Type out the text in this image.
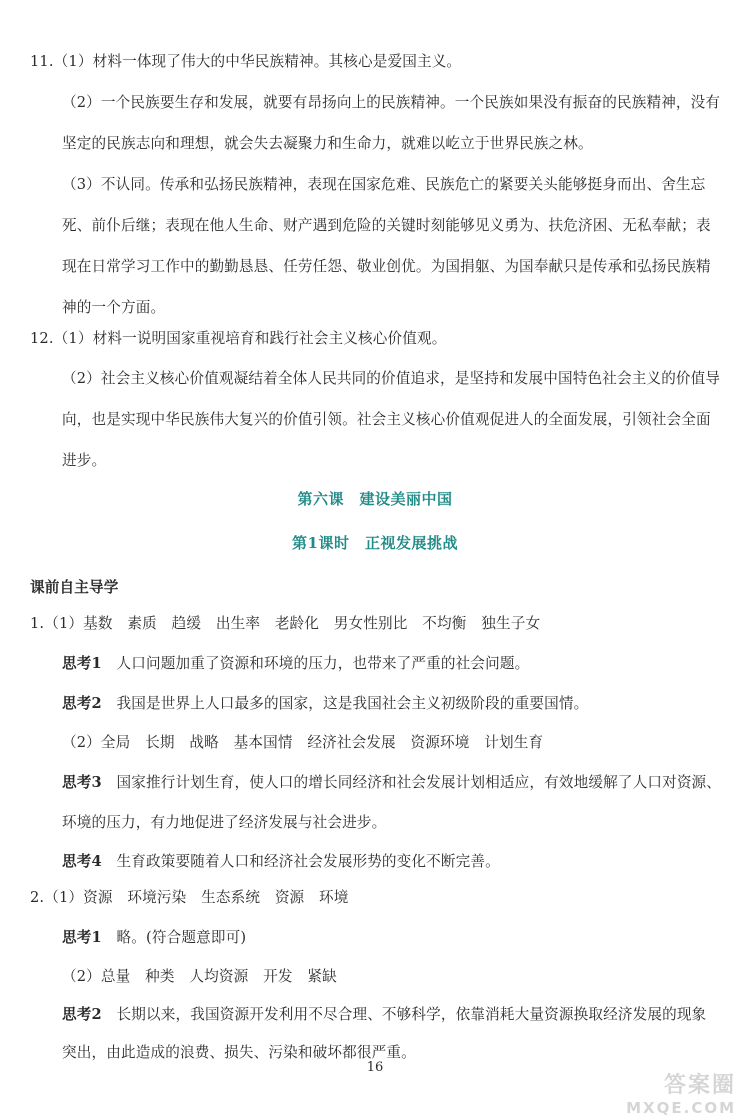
11.（1）材料一体现了伟大的中华民族精神。其核心是爱国主义。
（2）一个民族要生存和发展，就要有昂扬向上的民族精神。一个民族如果没有振奋的民族精神，没有
坚定的民族志向和理想，就会失去凝聚力和生命力，就难以屹立于世界民族之林。
（3）不认同。传承和弘扬民族精神，表现在国家危难、民族危亡的紧要关头能够挺身而出、舍生忘
死、前仆后继；表现在他人生命、财产遇到危险的关键时刻能够见义勇为、扶危济困、无私奉献；表
现在日常学习工作中的勤勤恳恳、任劳任怨、敬业创优。为国捐躯、为国奉献只是传承和弘扬民族精
神的一个方面。
12.（1）材料一说明国家重视培育和践行社会主义核心价值观。
（2）社会主义核心价值观凝结着全体人民共同的价值追求，是坚持和发展中国特色社会主义的价值导
向，也是实现中华民族伟大复兴的价值引领。社会主义核心价值观促进人的全面发展，引领社会全面
进步。
第六课　建设美丽中国
第1课时　正视发展挑战
课前自主导学
1.（1）基数　素质　趋缓　出生率　老龄化　男女性别比　不均衡　独生子女
思考1　 人口问题加重了资源和环境的压力，也带来了严重的社会问题。
思考2　 我国是世界上人口最多的国家，这是我国社会主义初级阶段的重要国情。
（2）全局　长期　战略　基本国情　经济社会发展　资源环境　计划生育
思考3　 国家推行计划生育，使人口的增长同经济和社会发展计划相适应，有效地缓解了人口对资源、
环境的压力，有力地促进了经济发展与社会进步。
思考4　 生育政策要随着人口和经济社会发展形势的变化不断完善。
2.（1）资源　环境污染　生态系统　资源　环境
思考1　 略。(符合题意即可)
（2）总量　种类　人均资源　开发　紧缺
思考2　 长期以来，我国资源开发利用不尽合理、不够科学，依靠消耗大量资源换取经济发展的现象
突出，由此造成的浪费、损失、污染和破坏都很严重。
16
答案圈
MXQE.COM
